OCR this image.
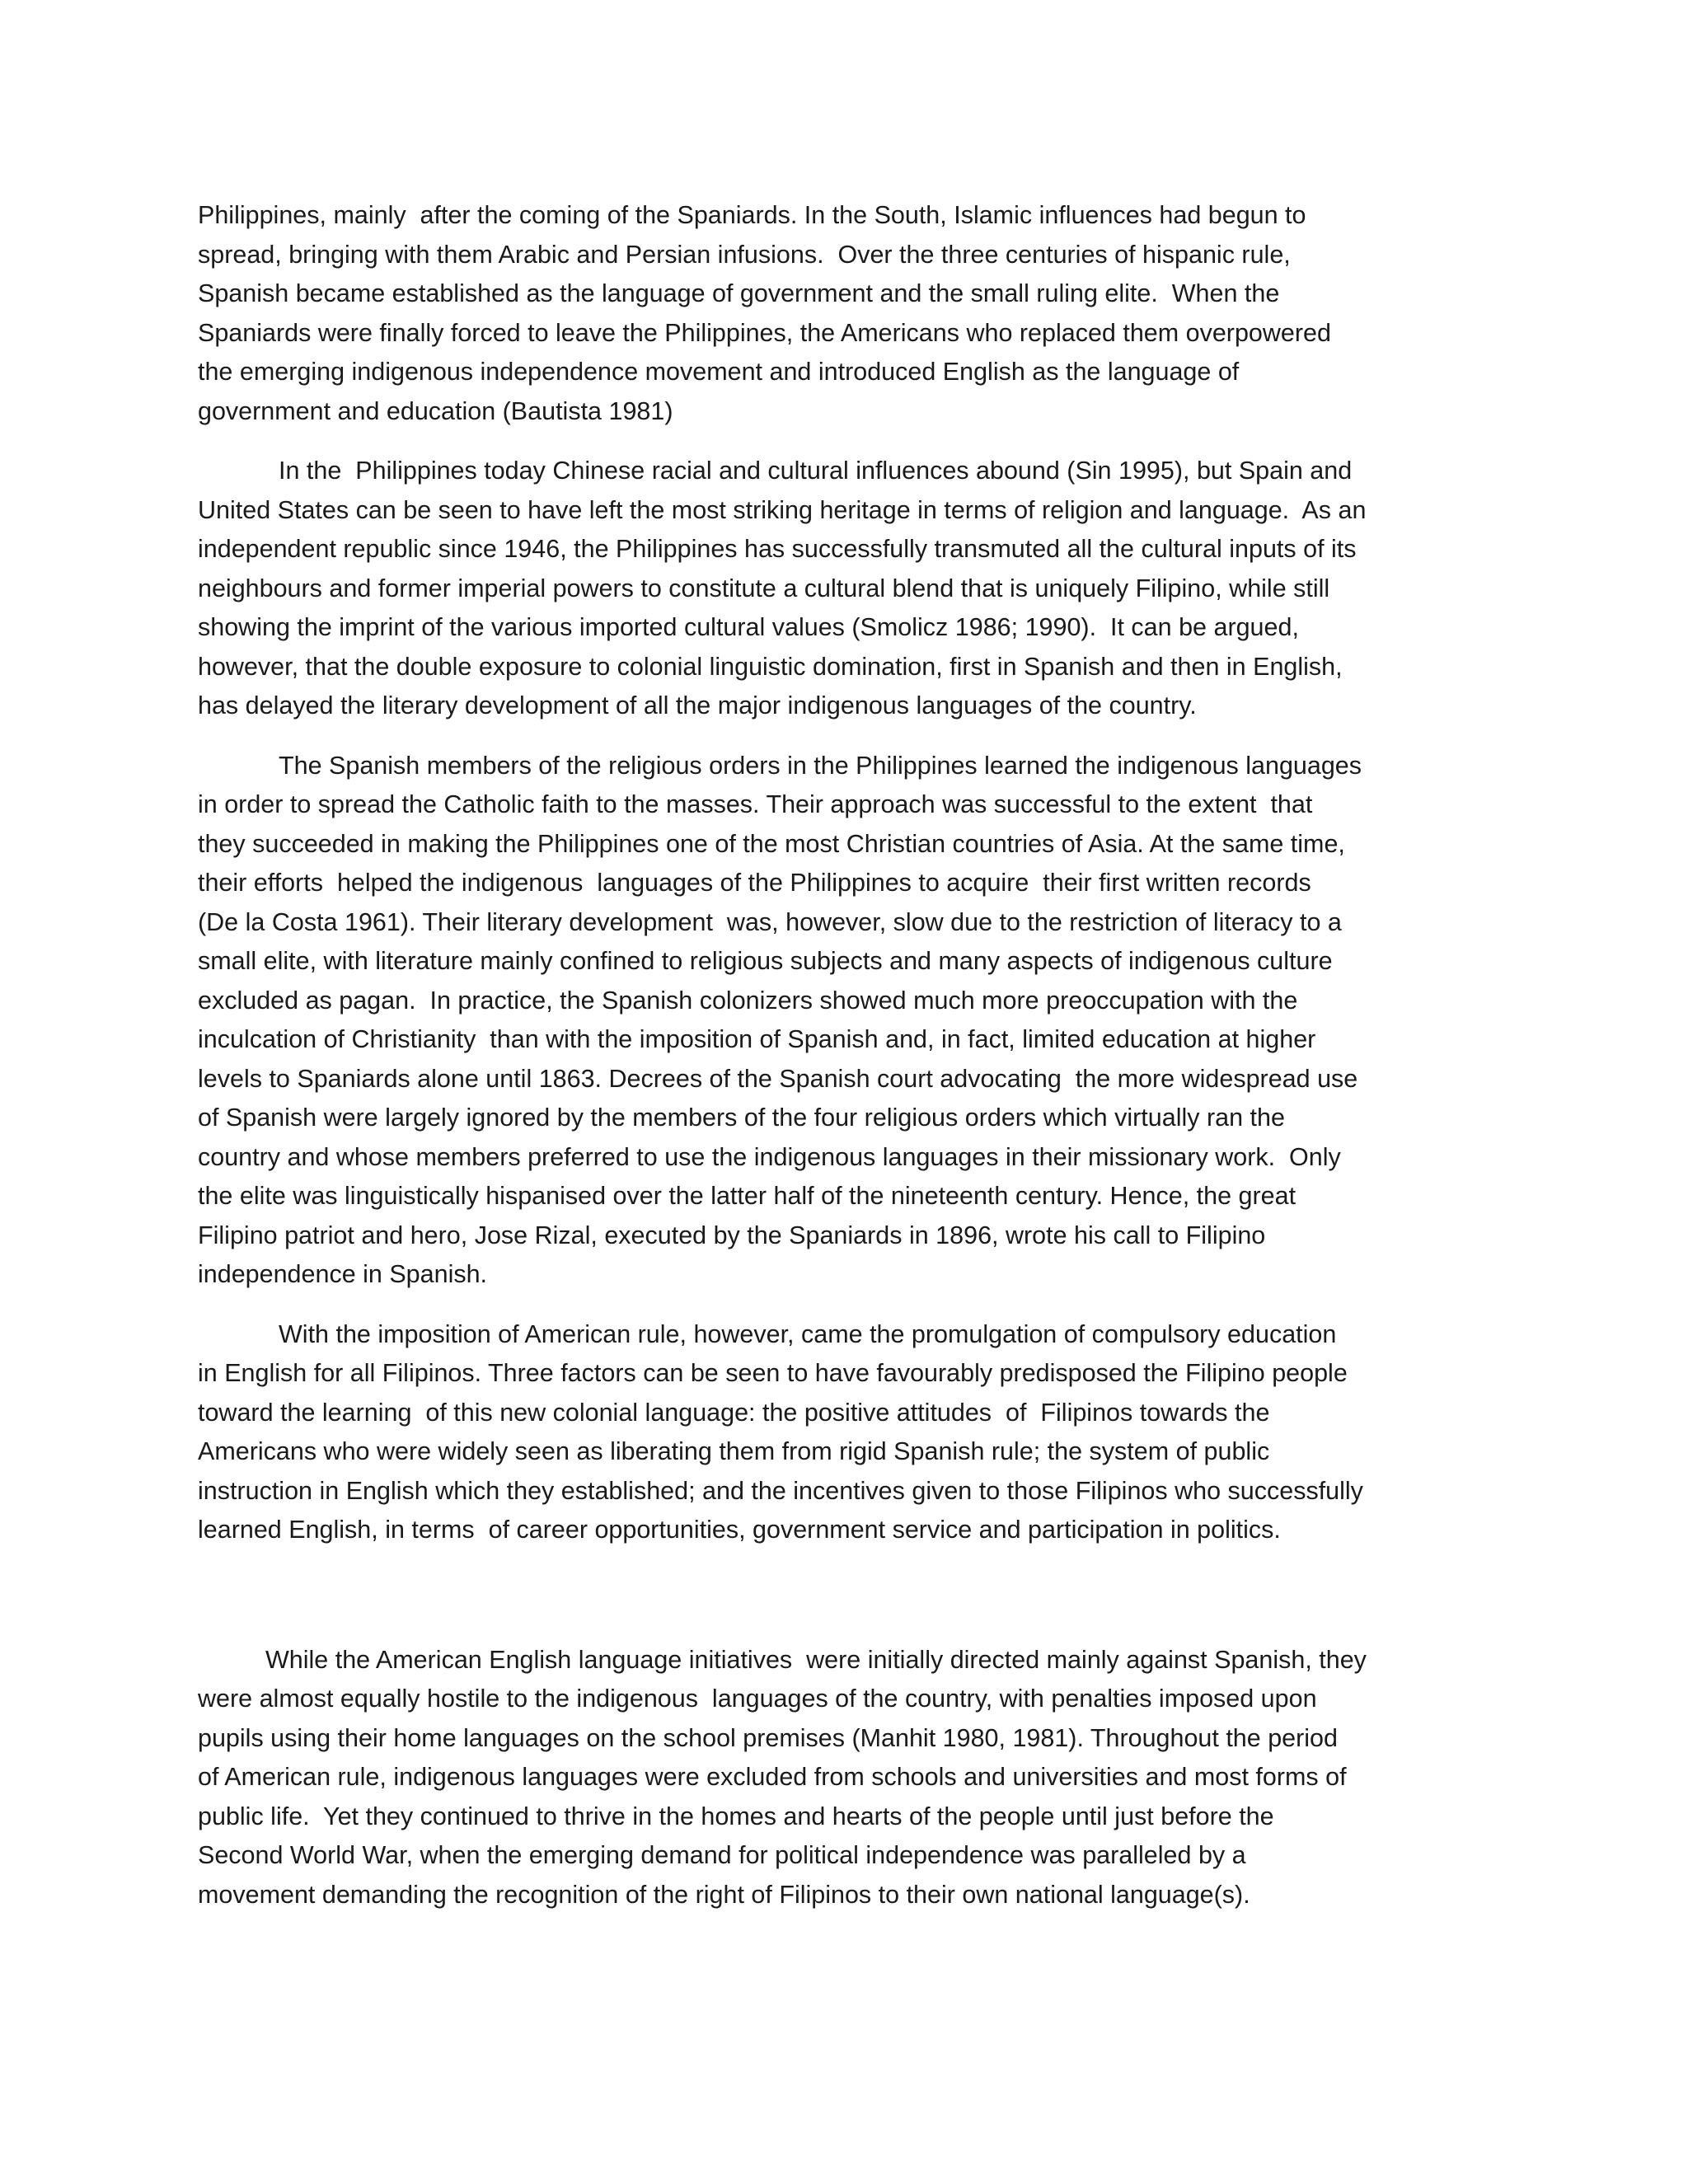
Philippines, mainly  after the coming of the Spaniards. In the South, Islamic influences had begun to
spread, bringing with them Arabic and Persian infusions.  Over the three centuries of hispanic rule,
Spanish became established as the language of government and the small ruling elite.  When the
Spaniards were finally forced to leave the Philippines, the Americans who replaced them overpowered
the emerging indigenous independence movement and introduced English as the language of
government and education (Bautista 1981)

In the  Philippines today Chinese racial and cultural influences abound (Sin 1995), but Spain and
United States can be seen to have left the most striking heritage in terms of religion and language.  As an
independent republic since 1946, the Philippines has successfully transmuted all the cultural inputs of its
neighbours and former imperial powers to constitute a cultural blend that is uniquely Filipino, while still
showing the imprint of the various imported cultural values (Smolicz 1986; 1990).  It can be argued,
however, that the double exposure to colonial linguistic domination, first in Spanish and then in English,
has delayed the literary development of all the major indigenous languages of the country.

The Spanish members of the religious orders in the Philippines learned the indigenous languages
in order to spread the Catholic faith to the masses. Their approach was successful to the extent  that
they succeeded in making the Philippines one of the most Christian countries of Asia. At the same time,
their efforts  helped the indigenous  languages of the Philippines to acquire  their first written records
(De la Costa 1961). Their literary development  was, however, slow due to the restriction of literacy to a
small elite, with literature mainly confined to religious subjects and many aspects of indigenous culture
excluded as pagan.  In practice, the Spanish colonizers showed much more preoccupation with the
inculcation of Christianity  than with the imposition of Spanish and, in fact, limited education at higher
levels to Spaniards alone until 1863. Decrees of the Spanish court advocating  the more widespread use
of Spanish were largely ignored by the members of the four religious orders which virtually ran the
country and whose members preferred to use the indigenous languages in their missionary work.  Only
the elite was linguistically hispanised over the latter half of the nineteenth century. Hence, the great
Filipino patriot and hero, Jose Rizal, executed by the Spaniards in 1896, wrote his call to Filipino
independence in Spanish.

With the imposition of American rule, however, came the promulgation of compulsory education
in English for all Filipinos. Three factors can be seen to have favourably predisposed the Filipino people
toward the learning  of this new colonial language: the positive attitudes  of  Filipinos towards the
Americans who were widely seen as liberating them from rigid Spanish rule; the system of public
instruction in English which they established; and the incentives given to those Filipinos who successfully
learned English, in terms  of career opportunities, government service and participation in politics.

While the American English language initiatives  were initially directed mainly against Spanish, they
were almost equally hostile to the indigenous  languages of the country, with penalties imposed upon
pupils using their home languages on the school premises (Manhit 1980, 1981). Throughout the period
of American rule, indigenous languages were excluded from schools and universities and most forms of
public life.  Yet they continued to thrive in the homes and hearts of the people until just before the
Second World War, when the emerging demand for political independence was paralleled by a
movement demanding the recognition of the right of Filipinos to their own national language(s).
